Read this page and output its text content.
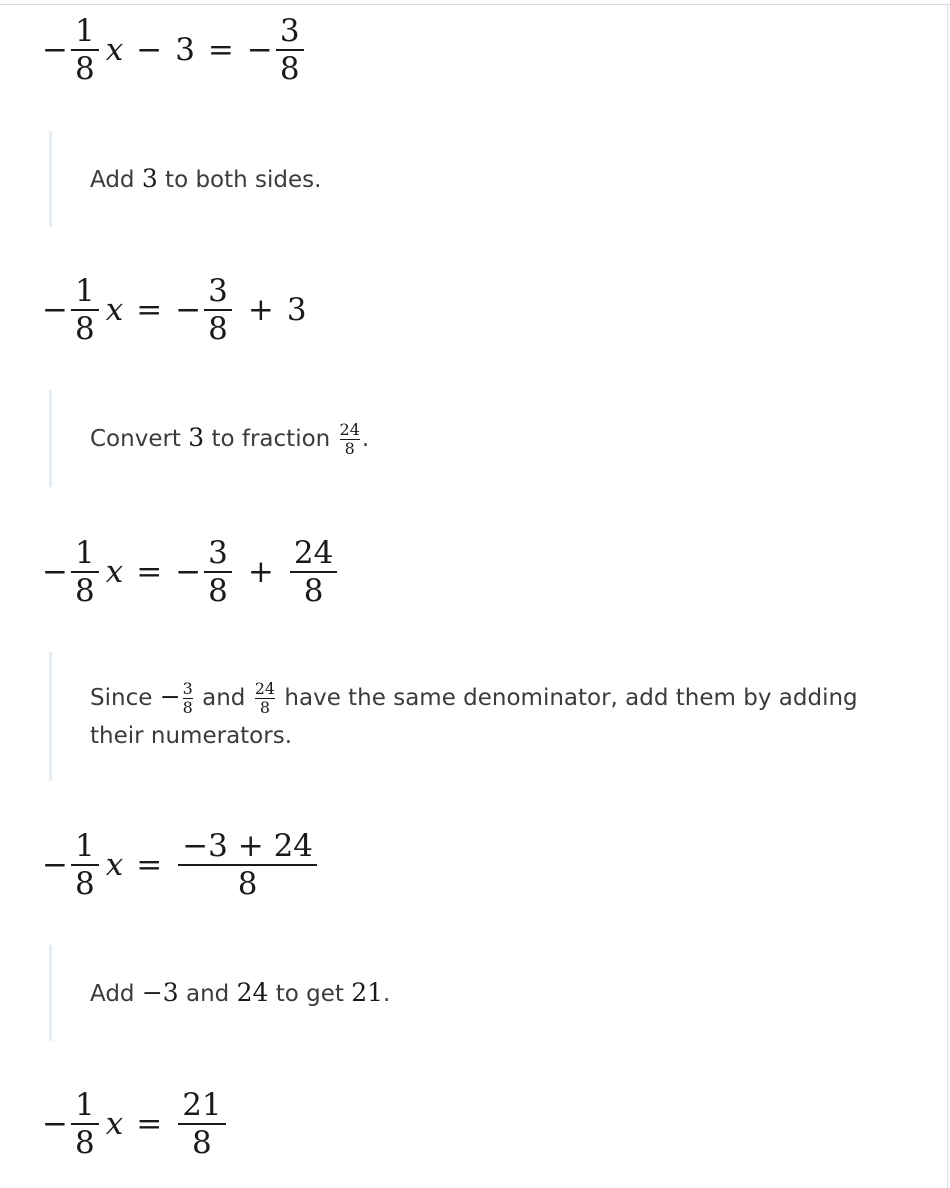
−
1
8
x − 3 = −
3
8
Add 3 to both sides.
−
1
8
x = −
3
8
+ 3
Convert 3 to fraction $\frac{24}{8}$ .
−
1
8
x = −
3
8
+
24
8
Since − $\frac{3}{8}$ and $\frac{24}{8}$ have the same denominator, add them by adding
their numerators.
−
1
8
x =
−3 + 24
8
Add −3 and 24 to get 21.
−
1
8
x =
21
8
